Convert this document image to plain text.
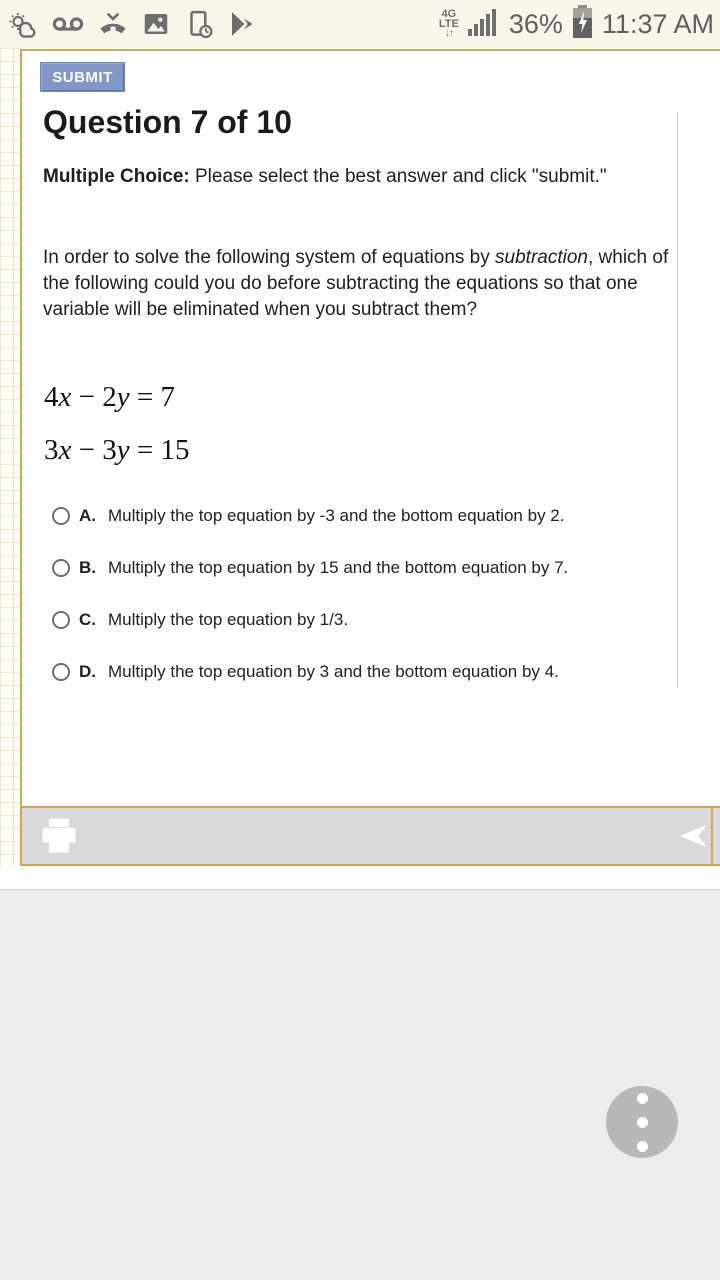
4G
LTE
↓↑ 36% 11:37 AM
SUBMIT
Question 7 of 10

Multiple Choice: Please select the best answer and click "submit."

In order to solve the following system of equations by subtraction, which of the following could you do before subtracting the equations so that one variable will be eliminated when you subtract them?

4x − 2y = 7
3x − 3y = 15
A. Multiply the top equation by -3 and the bottom equation by 2.
B. Multiply the top equation by 15 and the bottom equation by 7.
C. Multiply the top equation by 1/3.
D. Multiply the top equation by 3 and the bottom equation by 4.
